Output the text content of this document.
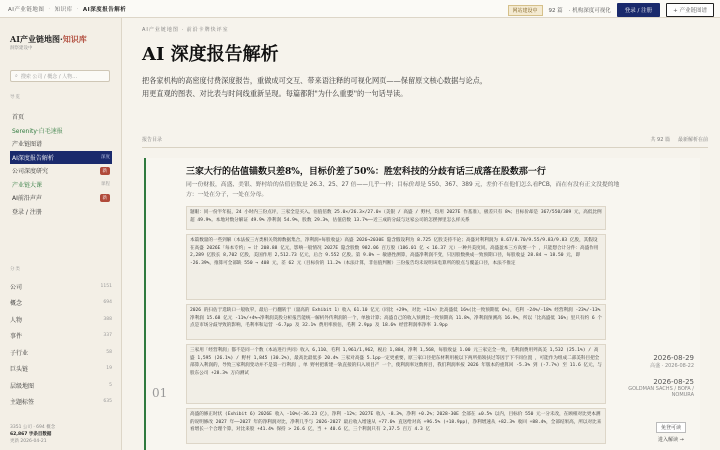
AI产业链地图 · 知识库 · AI深度报告解析	网站建设中	92 篇 · 机构深度可视化	登录 / 注册	+ 产业链图谱
AI产业链地图·知识库
洞察建设中
⌕ 搜索 公司 / 概念 / 人物…
导览
首页
Serenity·白毛速报
产业链图谱
AI深度报告解析	深度
公司深度研究	新
产业链大课	课程
AI前沿声声	新
登录 / 注册
分类
公司	1151
概念	694
人物	388
事件	337
子行业	58
巨头链	19
层级地图	5
主题标签	635
3351 公司 · 694 概念
62,867 字条目数据
更新 2026-04-21
AI产业链地图 · 前沿卡牌快评室
AI 深度报告解析
把各家机构的高密度付费深度报告，重做成可交互、带来语注释的可视化网页——保留原文核心数据与论点，用更直观的图表、对比表与时间线重新呈现。每篇都附"为什么重要"的一句话导读。
报告目录	共 92 篇 最新解析在前
01
三家大行的估值锚数只差8%，目标价差了50%：胜宏科技的分歧有话三成落在股数那一行
同一份财报，高盛、美银、野村给的估值倍数是 26.3、25、27 倍——几乎一样；目标价却是 550、367、389 元，差价不在他们怎么看PCB，而在有没有正文没提的地方：一处在分子，一处在分母。
题眼：同一份半年报，24 小时内三份点评，三家全是买入。估值倍数 25.0×/26.3×/27.0×（美银 / 高盛 / 野村，均用 2027E 作基准），极差只有 8%；目标价却是 367/550/389 元，高低比例超 49.9%。本地对数分解证 49.9% 净利润 54.9%，股数 29.3%，估值倍数 13.7%——近三成的分歧与这家公司的怎摆弹里怎么样关系
本篇数量的一些到解（本法按三方类相关资源数据集合，净利润+每股收益）高盛 2026→2030E 隐含假设利为 8.725 亿股支持不论；高盛对利利润为 8.67/8.70/9.55/9.83/9.83 亿股，其假设在高盛 2026E「每本专约」→ 计 208.88 亿元，影响一般情况 2027E 隐含股数 982.06 百万股（186.01 亿 < 16.37 元）一种共美度同。高盛盈本三方高要一个 ，只能想合计分件：高盛作用 2,289 亿股长 8,702 亿股，美国作用 2,512.73 亿元，后合 9.552 亿股。第 9.8% — 敏感性测算，高盛净利润不变，只因股数换成一致预期口径，每股收益 28.84 → 18.50 元，即 -26.39%，推算可全部缺 550 → 408 元，差 62 元（目标价的 11.2%（本法计算，非估值判断）三份报告均未说明该电算所的股点与覆盖口径，本法不推定
2026 的扫估于选缺口一般收窄，最后一行翻转于（量高的 Exhibit 1）收入 61.10 亿元（同比 +29%，对比 +11%）比高盛低 16%(比一致预期低 6%)，毛利 -24%/-18% 经营利润 -23%/-13% 净利润 15.68 亿元 -11%/+4%→净利润美股分析报告能统一解析外传利润的一个，单独计算；高盛自己的收入预测比一致预期高 11.8%，净利润预测高 16.9%，所以「比高盛低 16%」里只有约 6 个点是市场分歧导致的影响，毛利率和运营 -6.7pp 及 32.1% 费用率预估，毛利 2.9pp 及 18.6% 经营利润率净率 3.9pp
三家用「经营利润」都不是同一个数（本站进行共同）收入 6,110、毛利 1,961/1,962，税后 1,884，净利 1,568，每股收益 1.00 元三家完全一致，毛利润费用列高美 1,532 (25.1%) / 高盛 1,595 (26.1%) / 野村 1,845 (30.2%)，最高比最低多 20.4% 三家对高盛 5.1pp一定更重要，原三家口径把东材利用税以下两所捐领扶过等因于下不同位置 ，可能作为组成二部美科目把全部算入利润的，导致三家利润变动并不是第一行利润 ，单 野村把新建一轨直接的归入项目产 一个，使利润率这数将目，我们利润率按 2026 年版本的重算回 -5.3% 到 (-7.7%) 至 11.6 亿元，与股东公司 +28.3% 万向测试
高盛的修正时状 (Exhibit 6) 2026E 收入 -10%(-36.23 亿)，净利 -12%；2027E 收入 -8.3%，净利 +0.2%；2028-30E 全部在 ±0.5% 以内，目标价 550 元一分未改，在顾相对比更本测的说明修改 2027 年——2027 年的净利润对比，净利几乎与 2026-2027 最后收入增速从 +77.6% 直送给对高 +96.5% (+18.9pp)，净利增速从 +82.3% 收回 +88.4%，全部结果高，所以对比来看增长一个合理个算，对比来股 +41.4% 保持 > 26.6 亿，当 + 40.6 亿，三个利润只有 2,37.5 百万 4.3 亿
2026-08-29
高盛 · 2026-08-22
2026-08-25
GOLDMAN SACHS / BOFA / NOMURA
免登可读
进入解读 →
